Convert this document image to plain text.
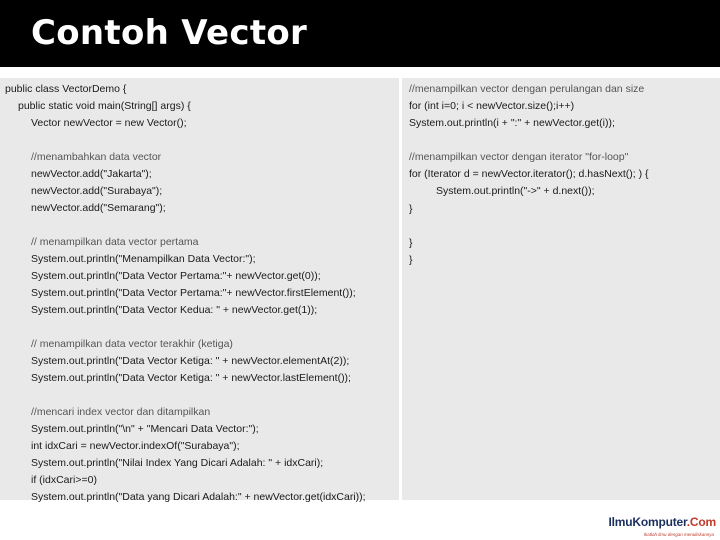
Contoh Vector
public class VectorDemo {
public static void main(String[] args) {
Vector newVector = new Vector();
//menambahkan data vector
newVector.add("Jakarta");
newVector.add("Surabaya");
newVector.add("Semarang");
// menampilkan data vector pertama
System.out.println("Menampilkan Data Vector:");
System.out.println("Data Vector Pertama:"+ newVector.get(0));
System.out.println("Data Vector Pertama:"+ newVector.firstElement());
System.out.println("Data Vector Kedua: " + newVector.get(1));
// menampilkan data vector terakhir (ketiga)
System.out.println("Data Vector Ketiga: " + newVector.elementAt(2));
System.out.println("Data Vector Ketiga: " + newVector.lastElement());
//mencari index vector dan ditampilkan
System.out.println("\n" + "Mencari Data Vector:");
int idxCari = newVector.indexOf("Surabaya");
System.out.println("Nilai Index Yang Dicari Adalah: " + idxCari);
if (idxCari>=0)
System.out.println("Data yang Dicari Adalah:" + newVector.get(idxCari));
//menampilkan vector dengan perulangan dan size
for (int i=0; i < newVector.size();i++)
System.out.println(i + ":" + newVector.get(i));
//menampilkan vector dengan iterator "for-loop"
for (Iterator d = newVector.iterator(); d.hasNext(); ) {
System.out.println("->" + d.next());
}
}
}
IlmuKomputer.Com
Ikatlah ilmu dengan menuliskannya
